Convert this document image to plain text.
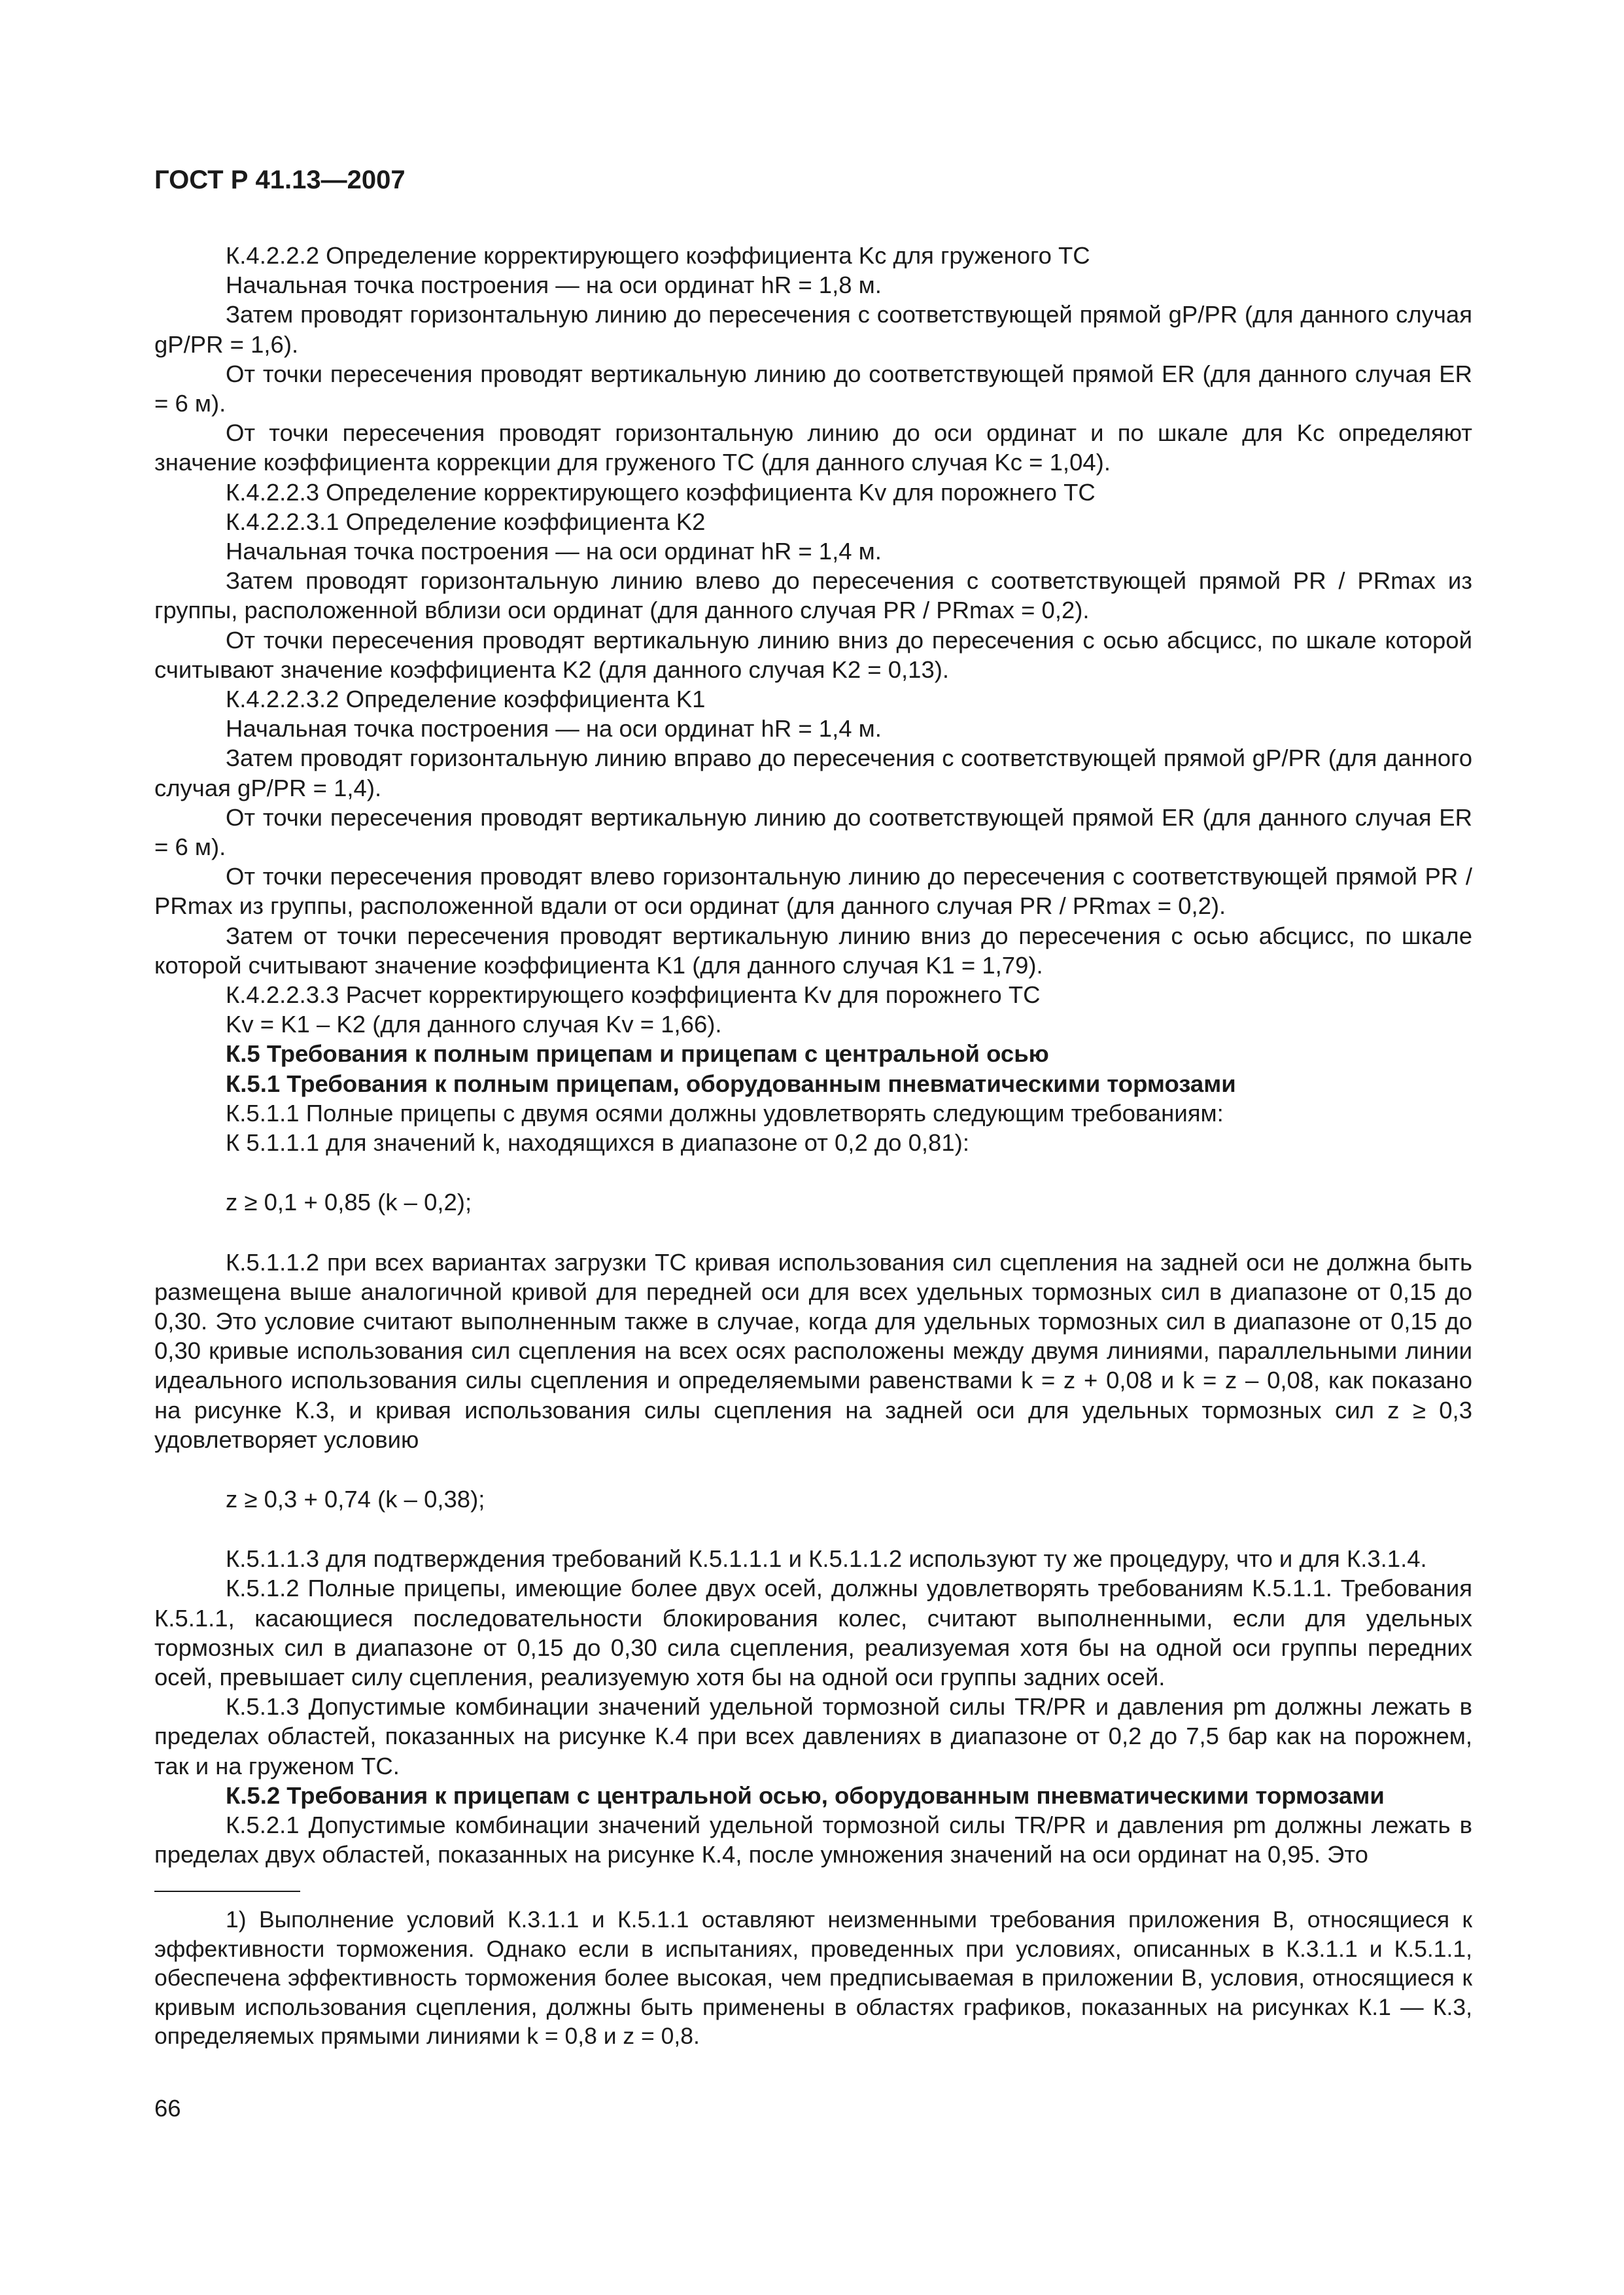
ГОСТ Р 41.13—2007

К.4.2.2.2 Определение корректирующего коэффициента Kc для груженого ТС

Начальная точка построения — на оси ординат hR = 1,8 м.

Затем проводят горизонтальную линию до пересечения с соответствующей прямой gP/PR (для данного случая gP/PR = 1,6).

От точки пересечения проводят вертикальную линию до соответствующей прямой ER (для данного случая ER = 6 м).

От точки пересечения проводят горизонтальную линию до оси ординат и по шкале для Kc определяют значение коэффициента коррекции для груженого ТС (для данного случая Kc = 1,04).

К.4.2.2.3 Определение корректирующего коэффициента Kv для порожнего ТС

К.4.2.2.3.1 Определение коэффициента K2

Начальная точка построения — на оси ординат hR = 1,4 м.

Затем проводят горизонтальную линию влево до пересечения с соответствующей прямой PR / PRmax из группы, расположенной вблизи оси ординат (для данного случая PR / PRmax = 0,2).

От точки пересечения проводят вертикальную линию вниз до пересечения с осью абсцисс, по шкале которой считывают значение коэффициента K2 (для данного случая K2 = 0,13).

К.4.2.2.3.2 Определение коэффициента K1

Начальная точка построения — на оси ординат hR = 1,4 м.

Затем проводят горизонтальную линию вправо до пересечения с соответствующей прямой gP/PR (для данного случая gP/PR = 1,4).

От точки пересечения проводят вертикальную линию до соответствующей прямой ER (для данного случая ER = 6 м).

От точки пересечения проводят влево горизонтальную линию до пересечения с соответствующей прямой PR / PRmax из группы, расположенной вдали от оси ординат (для данного случая PR / PRmax = 0,2).

Затем от точки пересечения проводят вертикальную линию вниз до пересечения с осью абсцисс, по шкале которой считывают значение коэффициента K1 (для данного случая K1 = 1,79).

К.4.2.2.3.3 Расчет корректирующего коэффициента Kv для порожнего ТС

Kv = K1 – K2 (для данного случая Kv = 1,66).

К.5 Требования к полным прицепам и прицепам с центральной осью

К.5.1 Требования к полным прицепам, оборудованным пневматическими тормозами

К.5.1.1 Полные прицепы с двумя осями должны удовлетворять следующим требованиям:

К 5.1.1.1 для значений k, находящихся в диапазоне от 0,2 до 0,81):

z ≥ 0,1 + 0,85 (k – 0,2);

К.5.1.1.2 при всех вариантах загрузки ТС кривая использования сил сцепления на задней оси не должна быть размещена выше аналогичной кривой для передней оси для всех удельных тормозных сил в диапазоне от 0,15 до 0,30. Это условие считают выполненным также в случае, когда для удельных тормозных сил в диапазоне от 0,15 до 0,30 кривые использования сил сцепления на всех осях расположены между двумя линиями, параллельными линии идеального использования силы сцепления и определяемыми равенствами k = z + 0,08 и k = z – 0,08, как показано на рисунке К.3, и кривая использования силы сцепления на задней оси для удельных тормозных сил z ≥ 0,3 удовлетворяет условию

z ≥ 0,3 + 0,74 (k – 0,38);

К.5.1.1.3 для подтверждения требований К.5.1.1.1 и К.5.1.1.2 используют ту же процедуру, что и для К.3.1.4.

К.5.1.2 Полные прицепы, имеющие более двух осей, должны удовлетворять требованиям К.5.1.1. Требования К.5.1.1, касающиеся последовательности блокирования колес, считают выполненными, если для удельных тормозных сил в диапазоне от 0,15 до 0,30 сила сцепления, реализуемая хотя бы на одной оси группы передних осей, превышает силу сцепления, реализуемую хотя бы на одной оси группы задних осей.

К.5.1.3 Допустимые комбинации значений удельной тормозной силы TR/PR и давления pm должны лежать в пределах областей, показанных на рисунке К.4 при всех давлениях в диапазоне от 0,2 до 7,5 бар как на порожнем, так и на груженом ТС.

К.5.2 Требования к прицепам с центральной осью, оборудованным пневматическими тормозами

К.5.2.1 Допустимые комбинации значений удельной тормозной силы TR/PR и давления pm должны лежать в пределах двух областей, показанных на рисунке К.4, после умножения значений на оси ординат на 0,95. Это

1) Выполнение условий К.3.1.1 и К.5.1.1 оставляют неизменными требования приложения В, относящиеся к эффективности торможения. Однако если в испытаниях, проведенных при условиях, описанных в К.3.1.1 и К.5.1.1, обеспечена эффективность торможения более высокая, чем предписываемая в приложении В, условия, относящиеся к кривым использования сцепления, должны быть применены в областях графиков, показанных на рисунках К.1 — К.3, определяемых прямыми линиями k = 0,8 и z = 0,8.
66
